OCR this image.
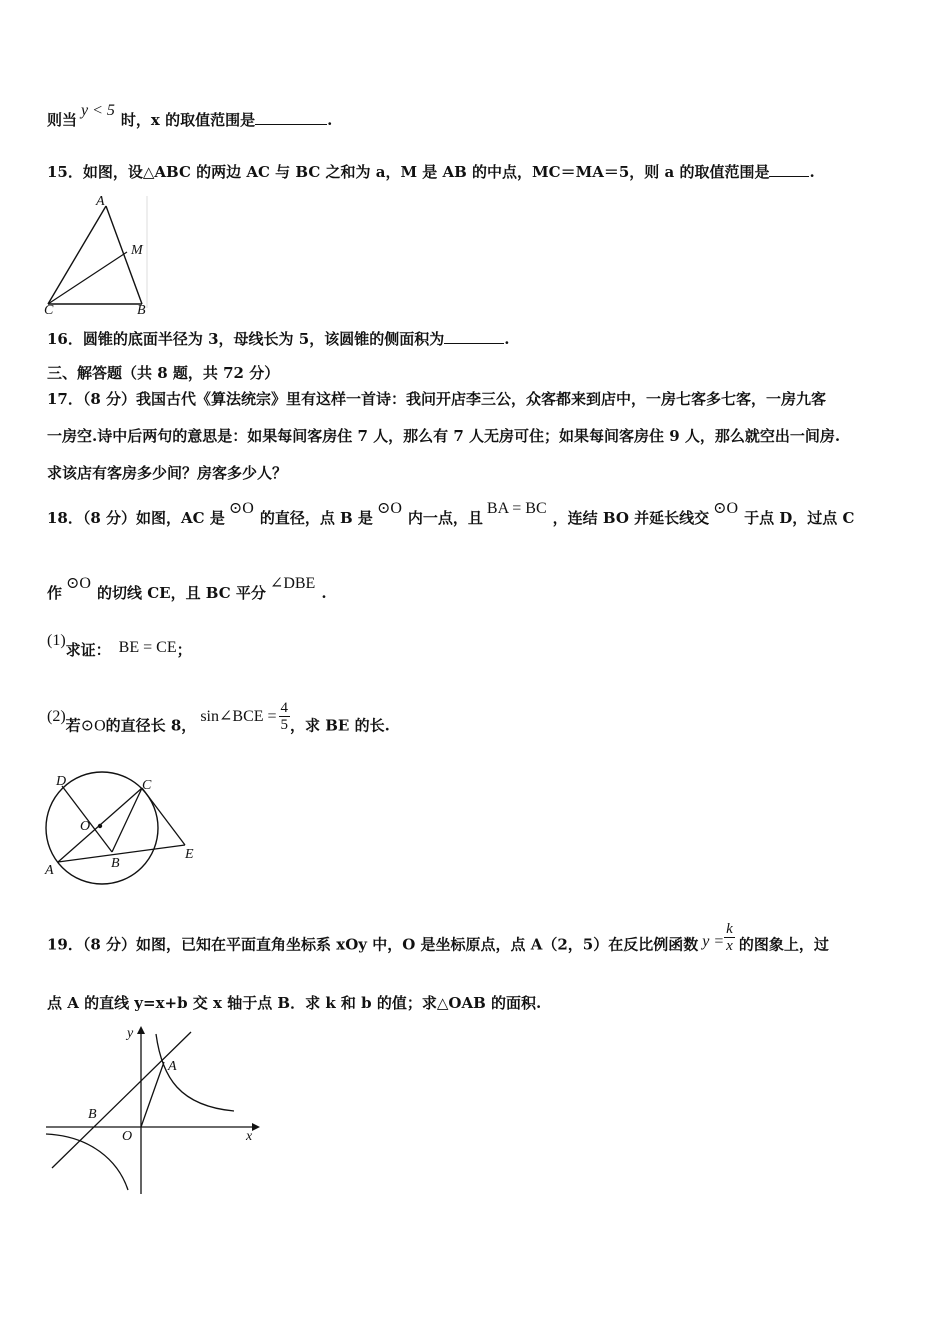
则当y < 5时，x 的取值范围是	.
15．如图，设△ABC 的两边 AC 与 BC 之和为 a，M 是 AB 的中点，MC＝MA＝5，则 a 的取值范围是	.
A
M
C	B
16．圆锥的底面半径为 3，母线长为 5，该圆锥的侧面积为	.
三、解答题（共 8 题，共 72 分）
17．（8 分）我国古代《算法统宗》里有这样一首诗：我问开店李三公，众客都来到店中，一房七客多七客，一房九客
一房空.诗中后两句的意思是：如果每间客房住 7 人，那么有 7 人无房可住；如果每间客房住 9 人，那么就空出一间房.
求该店有客房多少间？房客多少人？
18．（8 分）如图，AC 是⊙O的直径，点 B 是⊙O内一点，且BA = BC，连结 BO 并延长线交⊙O于点 D，过点 C
作⊙O的切线 CE，且 BC 平分∠DBE.
(1)求证： BE = CE；
(2)若⊙O的直径长 8，sin∠BCE = $\frac{4}{5}$ ，求 BE 的长.
D	C
O
B
A
E
19．（8 分）如图，已知在平面直角坐标系 xOy 中，O 是坐标原点，点 A（2，5）在反比例函数 $y = \frac{k}{x}$ 的图象上，过
点 A 的直线 y=x+b 交 x 轴于点 B．求 k 和 b 的值；求△OAB 的面积.
y
A
B
O	x
